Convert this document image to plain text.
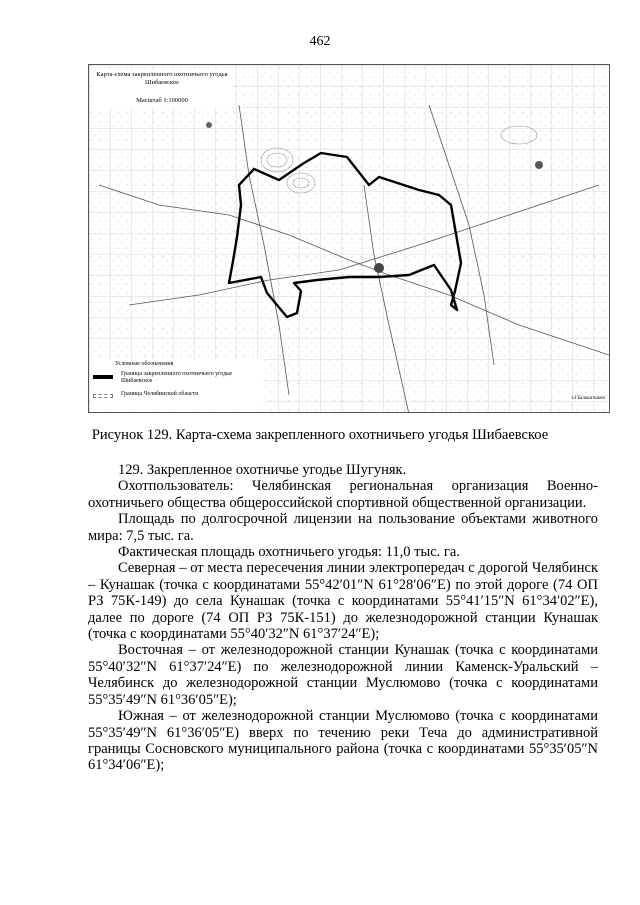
462
Карта-схема закрепленного охотничьего угодья Шибаевское
Масштаб 1:100000
Условные обозначения
Граница закрепленного охотничьего угодья Шибаевское
Граница Челябинской области
14 Балыштыкоп
Рисунок 129. Карта-схема закрепленного охотничьего угодья Шибаевское

129. Закрепленное охотничье угодье Шугуняк.

Охотпользователь: Челябинская региональная организация Военно-охотничьего общества общероссийской спортивной общественной организации.

Площадь по долгосрочной лицензии на пользование объектами животного мира: 7,5 тыс. га.

Фактическая площадь охотничьего угодья: 11,0 тыс. га.

Северная – от места пересечения линии электропередач с дорогой Челябинск – Кунашак (точка с координатами 55°42′01″N 61°28′06″E) по этой дороге (74 ОП РЗ 75К-149) до села Кунашак (точка с координатами 55°41′15″N 61°34′02″E), далее по дороге (74 ОП РЗ 75К-151) до железнодорожной станции Кунашак (точка с координатами 55°40′32″N 61°37′24″E);

Восточная – от железнодорожной станции Кунашак (точка с координатами 55°40′32″N 61°37′24″E) по железнодорожной линии Каменск-Уральский – Челябинск до железнодорожной станции Муслюмово (точка с координатами 55°35′49″N 61°36′05″E);

Южная – от железнодорожной станции Муслюмово (точка с координатами 55°35′49″N 61°36′05″E) вверх по течению реки Теча до административной границы Сосновского муниципального района (точка с координатами 55°35′05″N 61°34′06″E);
